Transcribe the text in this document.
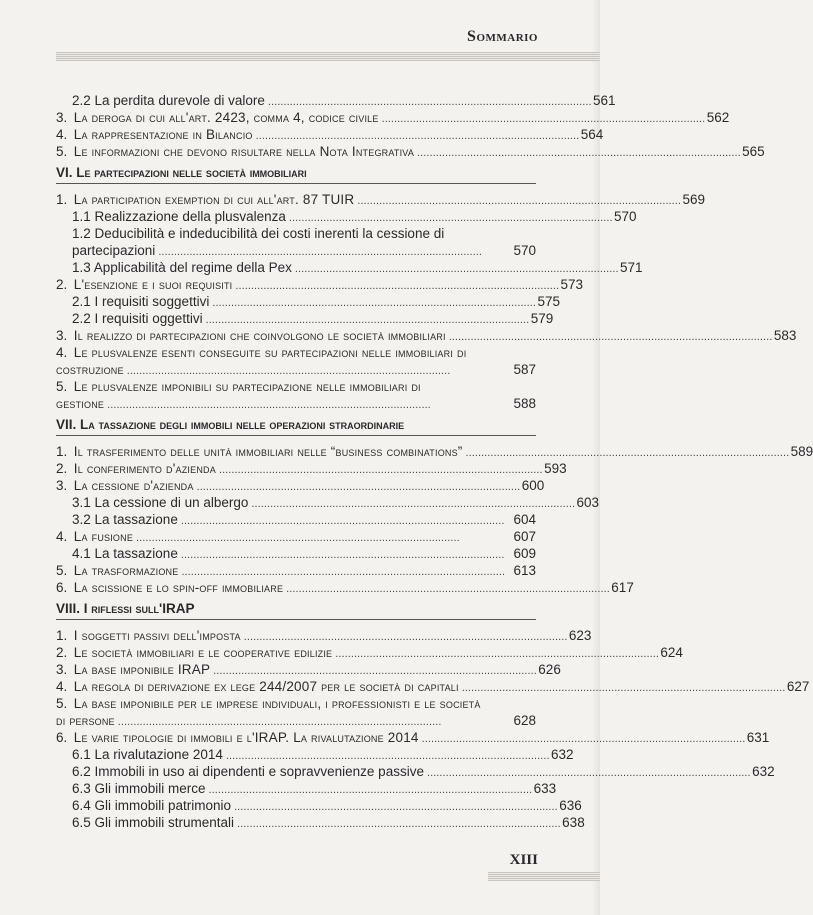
Sommario
2.2 La perdita durevole di valore . . .	561
3. La deroga di cui all'art. 2423, comma 4, codice civile . . .	562
4. La rappresentazione in Bilancio . . .	564
5. Le informazioni che devono risultare nella Nota Integrativa . . .	565
VI. Le partecipazioni nelle società immobiliari
1. La participation exemption di cui all'art. 87 TUIR . . .	569
1.1 Realizzazione della plusvalenza . . .	570
1.2 Deducibilità e indeducibilità dei costi inerenti la cessione di
partecipazioni . . .	570
1.3 Applicabilità del regime della Pex . . .	571
2. L'esenzione e i suoi requisiti . . .	573
2.1 I requisiti soggettivi . . .	575
2.2 I requisiti oggettivi . . .	579
3. Il realizzo di partecipazioni che coinvolgono le società immobiliari . . .	583
4. Le plusvalenze esenti conseguite su partecipazioni nelle immobiliari di
costruzione . . .	587
5. Le plusvalenze imponibili su partecipazione nelle immobiliari di
gestione . . .	588
VII. La tassazione degli immobili nelle operazioni straordinarie
1. Il trasferimento delle unità immobiliari nelle “business combinations” . . .	589
2. Il conferimento d'azienda . . .	593
3. La cessione d'azienda . . .	600
3.1 La cessione di un albergo . . .	603
3.2 La tassazione . . .	604
4. La fusione . . .	607
4.1 La tassazione . . .	609
5. La trasformazione . . .	613
6. La scissione e lo spin-off immobiliare . . .	617
VIII. I riflessi sull'IRAP
1. I soggetti passivi dell'imposta . . .	623
2. Le società immobiliari e le cooperative edilizie . . .	624
3. La base imponibile IRAP . . .	626
4. La regola di derivazione ex lege 244/2007 per le società di capitali . . .	627
5. La base imponibile per le imprese individuali, i professionisti e le società
di persone . . .	628
6. Le varie tipologie di immobili e l'IRAP. La rivalutazione 2014 . . .	631
6.1 La rivalutazione 2014 . . .	632
6.2 Immobili in uso ai dipendenti e sopravvenienze passive . . .	632
6.3 Gli immobili merce . . .	633
6.4 Gli immobili patrimonio . . .	636
6.5 Gli immobili strumentali . . .	638
XIII
